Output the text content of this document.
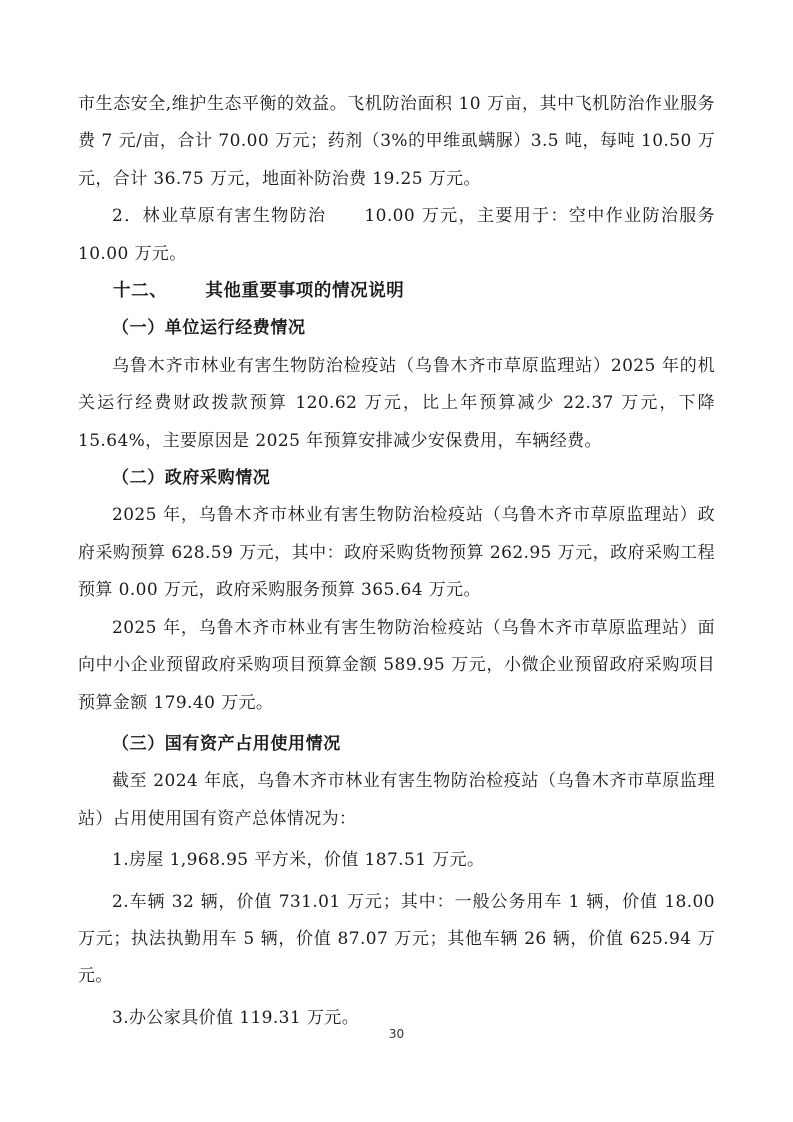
市生态安全,维护生态平衡的效益。飞机防治面积 10 万亩，其中飞机防治作业服务费 7 元/亩，合计 70.00 万元；药剂（3%的甲维虱螨脲）3.5 吨，每吨 10.50 万元，合计 36.75 万元，地面补防治费 19.25 万元。

2．林业草原有害生物防治 10.00 万元，主要用于：空中作业防治服务 10.00 万元。

十二、 其他重要事项的情况说明

（一）单位运行经费情况

乌鲁木齐市林业有害生物防治检疫站（乌鲁木齐市草原监理站）2025 年的机关运行经费财政拨款预算 120.62 万元，比上年预算减少 22.37 万元，下降 15.64%，主要原因是 2025 年预算安排减少安保费用，车辆经费。

（二）政府采购情况

2025 年，乌鲁木齐市林业有害生物防治检疫站（乌鲁木齐市草原监理站）政府采购预算 628.59 万元，其中：政府采购货物预算 262.95 万元，政府采购工程预算 0.00 万元，政府采购服务预算 365.64 万元。

2025 年，乌鲁木齐市林业有害生物防治检疫站（乌鲁木齐市草原监理站）面向中小企业预留政府采购项目预算金额 589.95 万元，小微企业预留政府采购项目预算金额 179.40 万元。

（三）国有资产占用使用情况

截至 2024 年底，乌鲁木齐市林业有害生物防治检疫站（乌鲁木齐市草原监理站）占用使用国有资产总体情况为：

1.房屋 1,968.95 平方米，价值 187.51 万元。

2.车辆 32 辆，价值 731.01 万元；其中：一般公务用车 1 辆，价值 18.00 万元；执法执勤用车 5 辆，价值 87.07 万元；其他车辆 26 辆，价值 625.94 万元。

3.办公家具价值 119.31 万元。

30
